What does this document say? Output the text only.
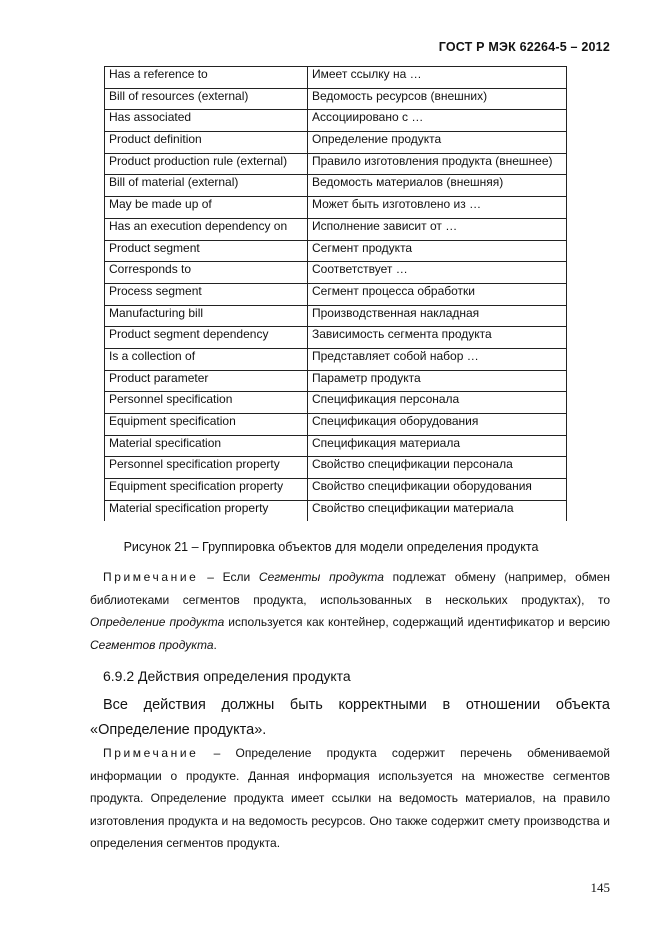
ГОСТ Р МЭК 62264-5 – 2012
Has a reference to	Имеет ссылку на …
Bill of resources (external)	Ведомость ресурсов (внешних)
Has associated	Ассоциировано с …
Product definition	Определение продукта
Product production rule (external)	Правило изготовления продукта (внешнее)
Bill of material (external)	Ведомость материалов (внешняя)
May be made up of	Может быть изготовлено из …
Has an execution dependency on	Исполнение зависит от …
Product segment	Сегмент продукта
Corresponds to	Соответствует …
Process segment	Сегмент процесса обработки
Manufacturing bill	Производственная накладная
Product segment dependency	Зависимость сегмента продукта
Is a collection of	Представляет собой набор …
Product parameter	Параметр продукта
Personnel specification	Спецификация персонала
Equipment specification	Спецификация оборудования
Material specification	Спецификация материала
Personnel specification property	Свойство спецификации персонала
Equipment specification property	Свойство спецификации оборудования
Material specification property	Свойство спецификации материала
Рисунок 21 – Группировка объектов для модели определения продукта
Примечание – Если Сегменты продукта подлежат обмену (например, обмен библиотеками сегментов продукта, использованных в нескольких продуктах), то Определение продукта используется как контейнер, содержащий идентификатор и версию Сегментов продукта.
6.9.2 Действия определения продукта
Все действия должны быть корректными в отношении объекта
«Определение продукта».
Примечание – Определение продукта содержит перечень обмениваемой информации о продукте. Данная информация используется на множестве сегментов продукта. Определение продукта имеет ссылки на ведомость материалов, на правило изготовления продукта и на ведомость ресурсов. Оно также содержит смету производства и определения сегментов продукта.
145
